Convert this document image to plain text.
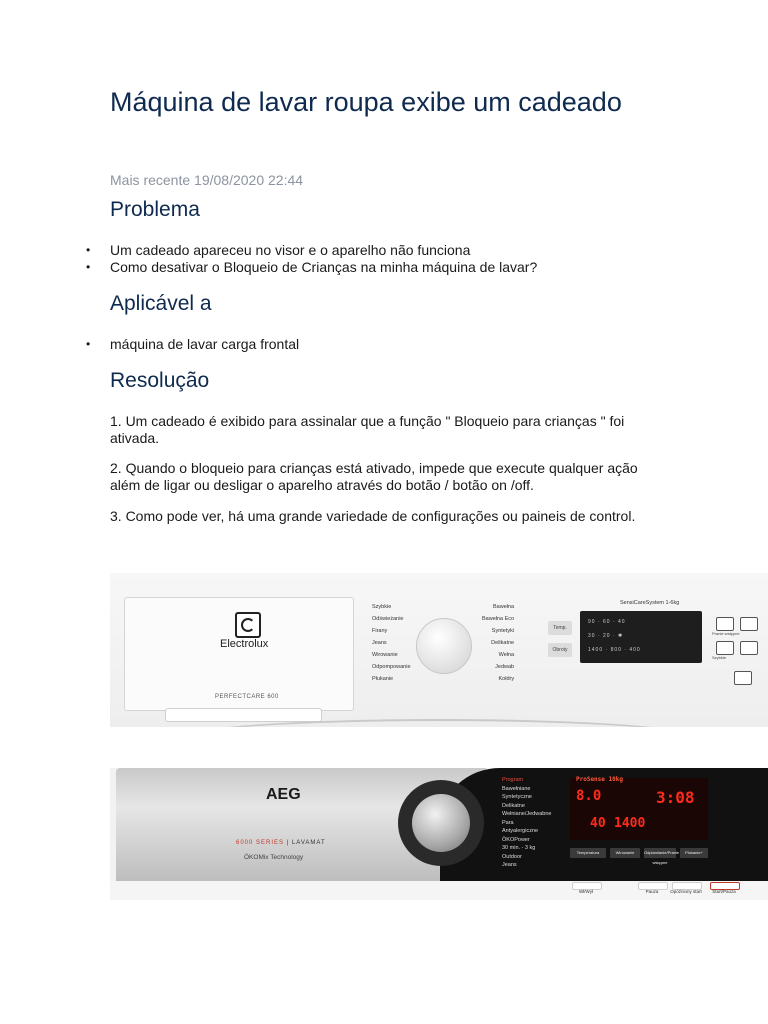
Máquina de lavar roupa exibe um cadeado
Mais recente 19/08/2020 22:44
Problema
• Um cadeado apareceu no visor e o aparelho não funciona
• Como desativar o Bloqueio de Crianças na minha máquina de lavar?
Aplicável a
• máquina de lavar carga frontal
Resolução

1. Um cadeado é exibido para assinalar que a função " Bloqueio para crianças " foi ativada.

2. Quando o bloqueio para crianças está ativado, impede que execute qualquer ação além de ligar ou desligar o aparelho através do botão / botão on /off.

3. Como pode ver, há uma grande variedade de configurações ou paineis de control.

Electrolux
PERFECTCARE 600
Szybkie
Odświeżanie
Firany
Jeans
Wirowanie
Odpompowanie
Płukanie
Bawełna
Bawełna Eco
Syntetyki
Delikatne
Wełna
Jedwab
Kołdry
Temp.
Obroty
SensiCareSystem 1-6kg
90 · 60 · 40
30 · 20 · ✱
1400 · 800 · 400
Pranie wstępne
Szybkie
AEG
6000 SERIES | LAVAMAT
ÖKOMix Technology
Program
Bawełniane
Syntetyczne
Delikatne
Wełniane/Jedwabne
Para
Antyalergiczne
ÖKOPower
30 min. - 3 kg
Outdoor
Jeans
ProSense 10kg
8.0	3:08
40 1400
Temperatura	Wirowanie	Odplamianie/Pranie wstępne
Płukanie+
Wł/Wył	Pauza	Opóźniony start	Start/Pauza
